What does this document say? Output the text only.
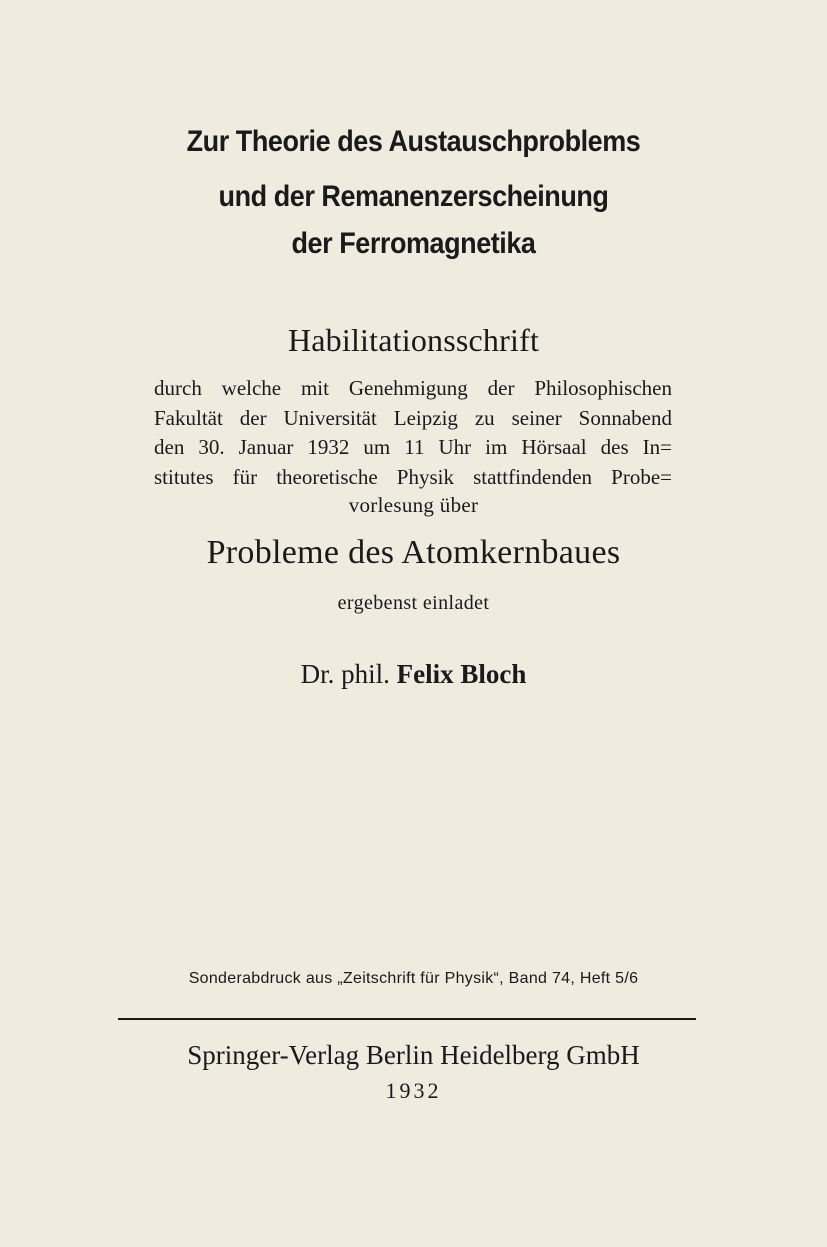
Zur Theorie des Austauschproblems
und der Remanenzerscheinung
der Ferromagnetika
Habilitationsschrift
durch welche mit Genehmigung der Philosophischen
Fakultät der Universität Leipzig zu seiner Sonnabend
den 30. Januar 1932 um 11 Uhr im Hörsaal des In=
stitutes für theoretische Physik stattfindenden Probe=
vorlesung über
Probleme des Atomkernbaues
ergebenst einladet
Dr. phil. Felix Bloch
Sonderabdruck aus „Zeitschrift für Physik“, Band 74, Heft 5/6
Springer-Verlag Berlin Heidelberg GmbH
1932
